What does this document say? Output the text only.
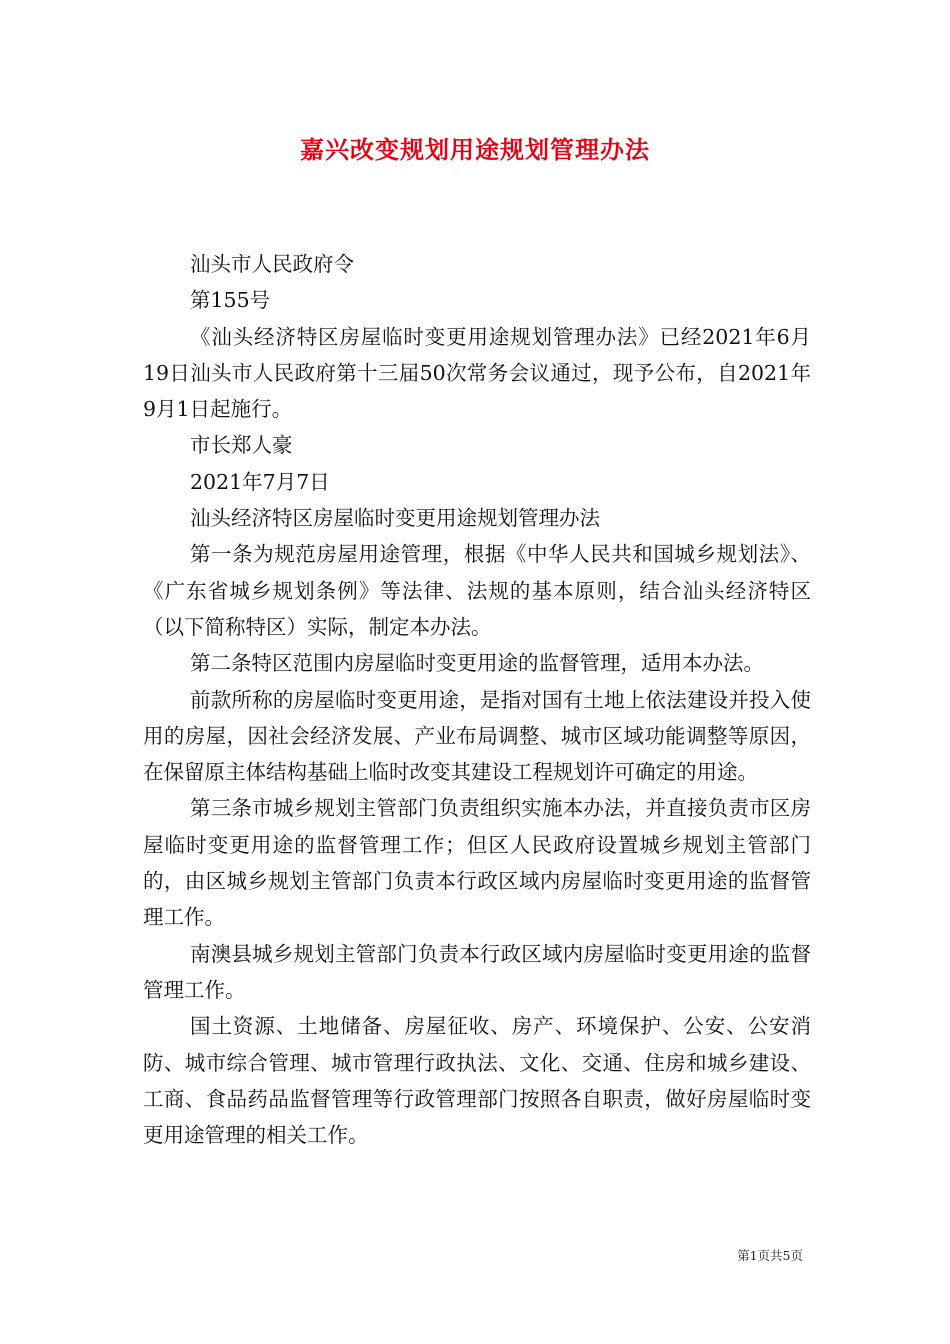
嘉兴改变规划用途规划管理办法

汕头市人民政府令

第155号

《汕头经济特区房屋临时变更用途规划管理办法》已经2021年6月19日汕头市人民政府第十三届50次常务会议通过，现予公布，自2021年9月1日起施行。

市长郑人豪

2021年7月7日

汕头经济特区房屋临时变更用途规划管理办法

第一条为规范房屋用途管理，根据《中华人民共和国城乡规划法》、《广东省城乡规划条例》等法律、法规的基本原则，结合汕头经济特区（以下简称特区）实际，制定本办法。

第二条特区范围内房屋临时变更用途的监督管理，适用本办法。

前款所称的房屋临时变更用途，是指对国有土地上依法建设并投入使用的房屋，因社会经济发展、产业布局调整、城市区域功能调整等原因，在保留原主体结构基础上临时改变其建设工程规划许可确定的用途。

第三条市城乡规划主管部门负责组织实施本办法，并直接负责市区房屋临时变更用途的监督管理工作；但区人民政府设置城乡规划主管部门的，由区城乡规划主管部门负责本行政区域内房屋临时变更用途的监督管理工作。

南澳县城乡规划主管部门负责本行政区域内房屋临时变更用途的监督管理工作。

国土资源、土地储备、房屋征收、房产、环境保护、公安、公安消防、城市综合管理、城市管理行政执法、文化、交通、住房和城乡建设、工商、食品药品监督管理等行政管理部门按照各自职责，做好房屋临时变更用途管理的相关工作。

第1页共5页
